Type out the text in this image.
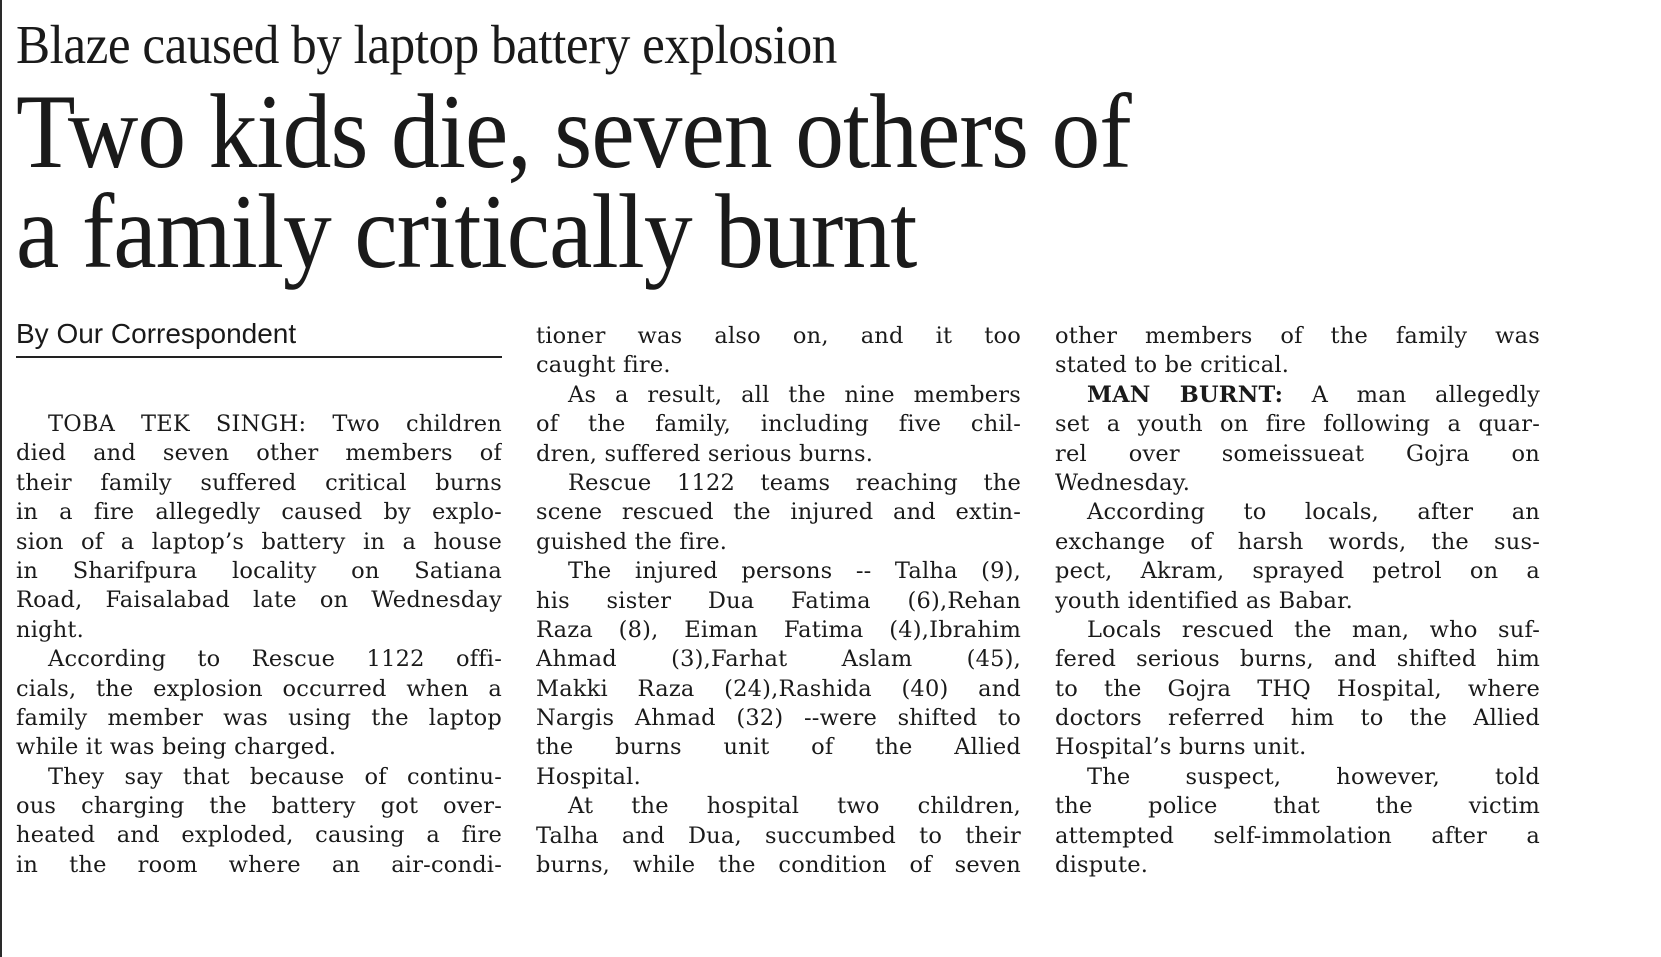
Blaze caused by laptop battery explosion
Two kids die, seven others of
a family critically burnt
By Our Correspondent
TOBA TEK SINGH: Two children
died and seven other members of
their family suffered critical burns
in a fire allegedly caused by explo-
sion of a laptop’s battery in a house
in Sharifpura locality on Satiana
Road, Faisalabad late on Wednesday
night.
According to Rescue 1122 offi-
cials, the explosion occurred when a
family member was using the laptop
while it was being charged.
They say that because of continu-
ous charging the battery got over-
heated and exploded, causing a fire
in the room where an air-condi-
tioner was also on, and it too
caught fire.
As a result, all the nine members
of the family, including five chil-
dren, suffered serious burns.
Rescue 1122 teams reaching the
scene rescued the injured and extin-
guished the fire.
The injured persons -- Talha (9),
his sister Dua Fatima (6),Rehan
Raza (8), Eiman Fatima (4),Ibrahim
Ahmad (3),Farhat Aslam (45),
Makki Raza (24),Rashida (40) and
Nargis Ahmad (32) --were shifted to
the burns unit of the Allied
Hospital.
At the hospital two children,
Talha and Dua, succumbed to their
burns, while the condition of seven
other members of the family was
stated to be critical.
MAN BURNT: A man allegedly
set a youth on fire following a quar-
rel over someissueat Gojra on
Wednesday.
According to locals, after an
exchange of harsh words, the sus-
pect, Akram, sprayed petrol on a
youth identified as Babar.
Locals rescued the man, who suf-
fered serious burns, and shifted him
to the Gojra THQ Hospital, where
doctors referred him to the Allied
Hospital’s burns unit.
The suspect, however, told
the police that the victim
attempted self-immolation after a
dispute.
